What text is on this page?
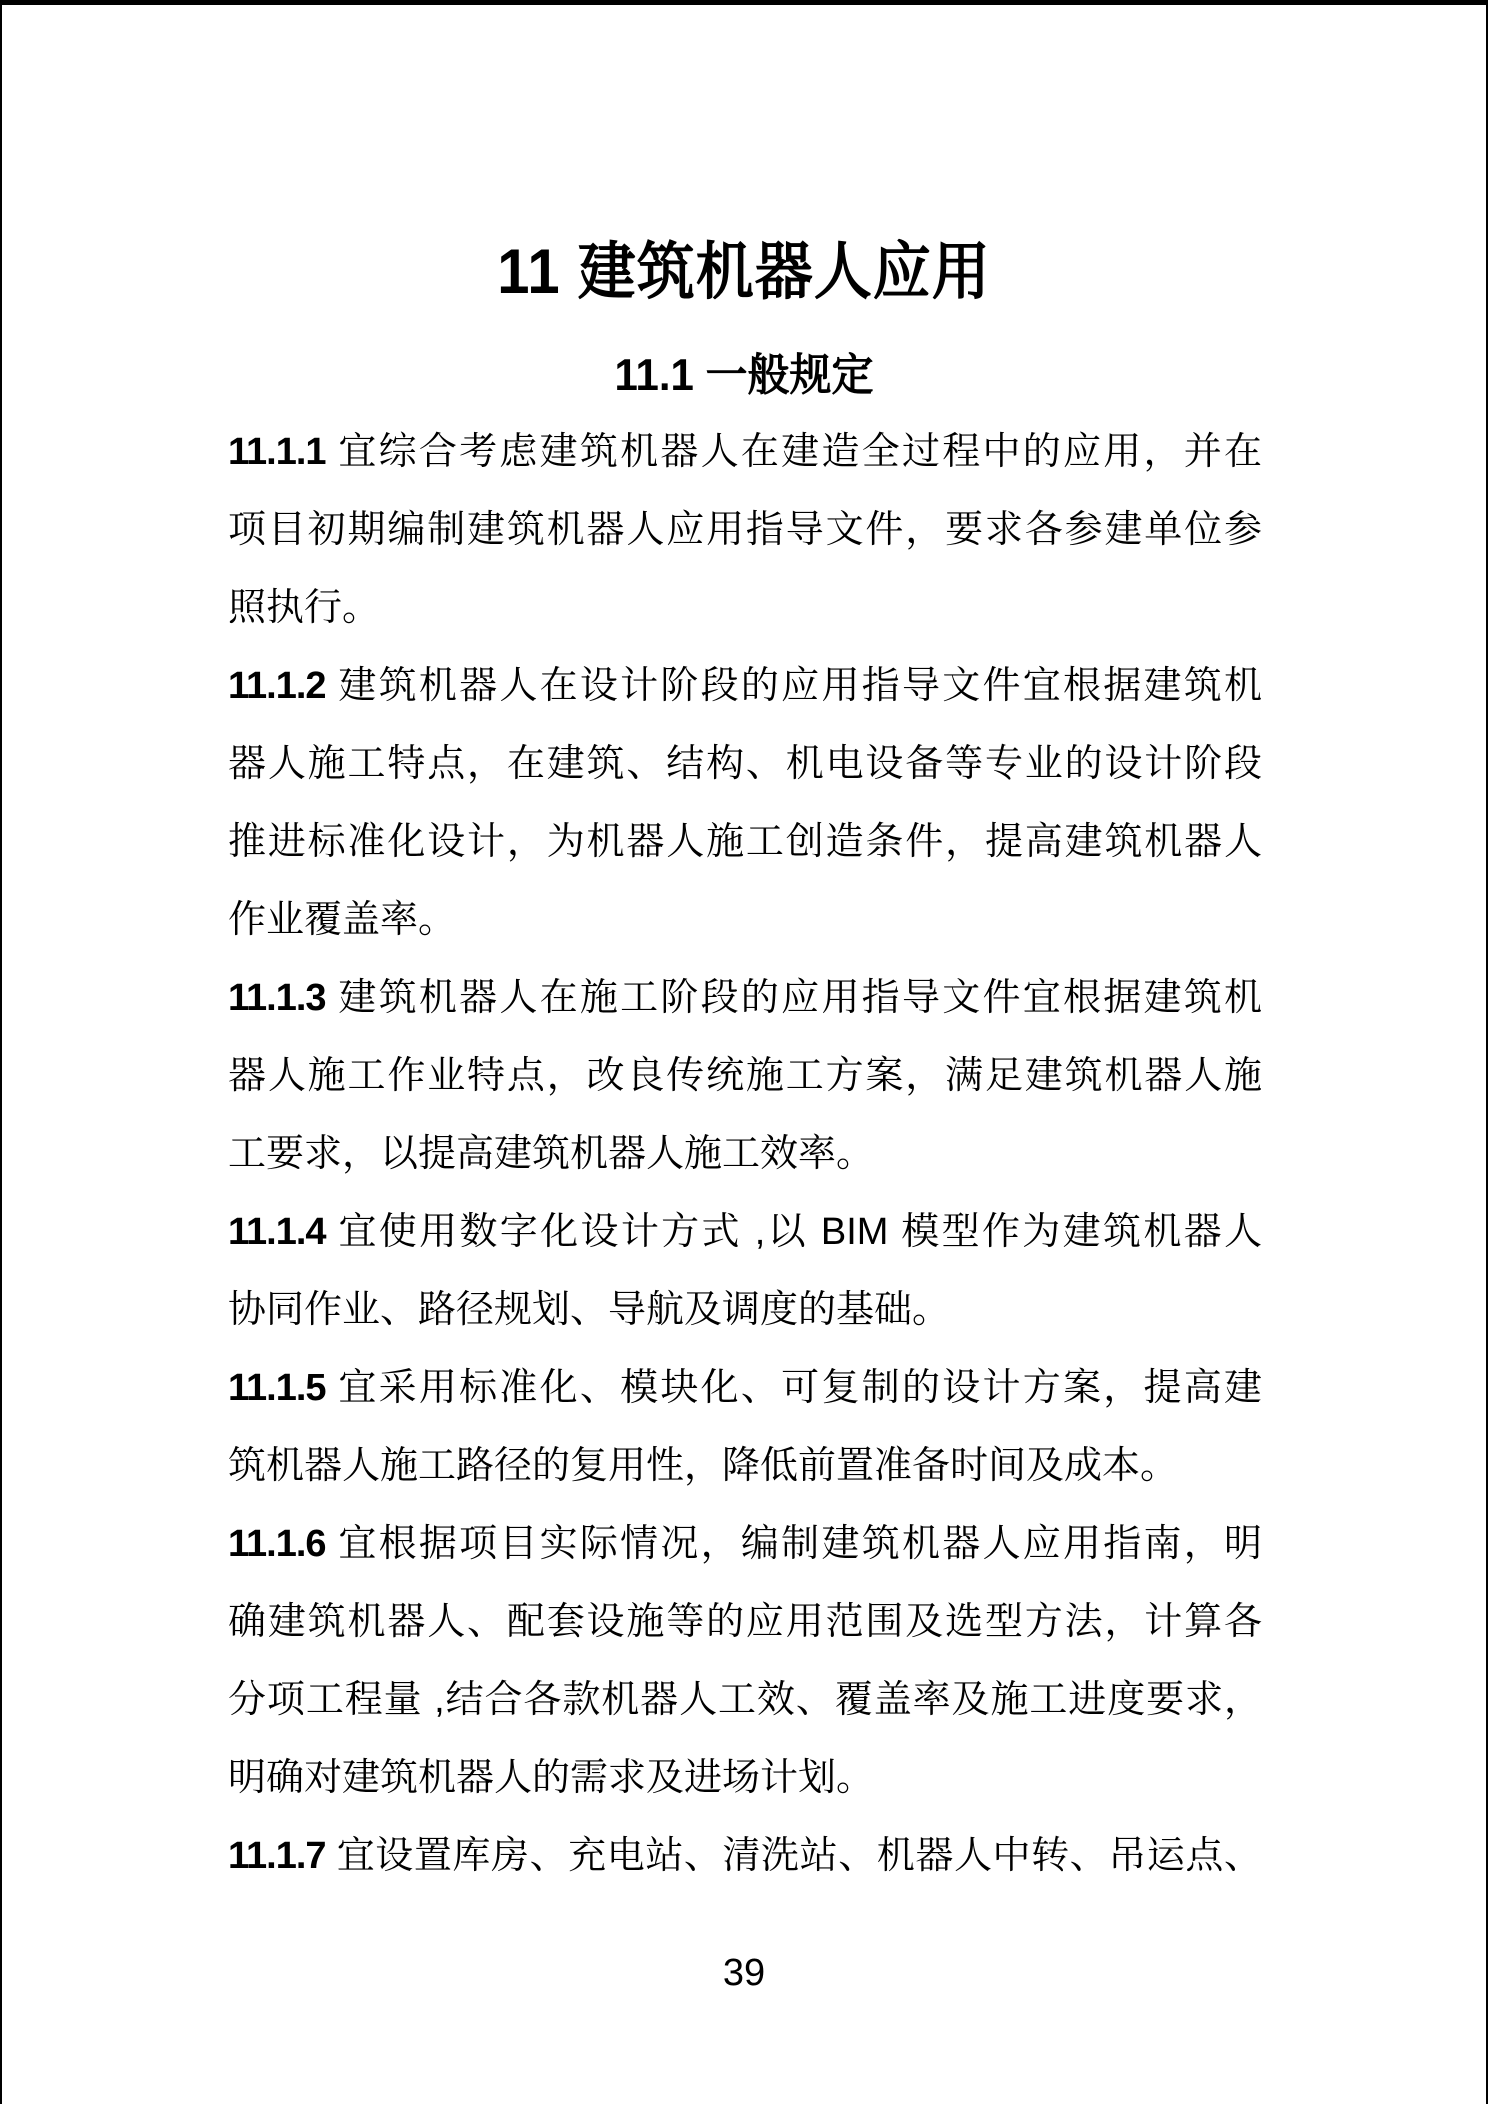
11 建筑机器人应用
11.1 一般规定
11.1.1 宜综合考虑建筑机器人在建造全过程中的应用，并在
项目初期编制建筑机器人应用指导文件，要求各参建单位参
照执行。
11.1.2 建筑机器人在设计阶段的应用指导文件宜根据建筑机
器人施工特点，在建筑、结构、机电设备等专业的设计阶段
推进标准化设计，为机器人施工创造条件，提高建筑机器人
作业覆盖率。
11.1.3 建筑机器人在施工阶段的应用指导文件宜根据建筑机
器人施工作业特点，改良传统施工方案，满足建筑机器人施
工要求，以提高建筑机器人施工效率。
11.1.4 宜使用数字化设计方式 ,以 BIM 模型作为建筑机器人
协同作业、路径规划、导航及调度的基础。
11.1.5 宜采用标准化、模块化、可复制的设计方案，提高建
筑机器人施工路径的复用性，降低前置准备时间及成本。
11.1.6 宜根据项目实际情况，编制建筑机器人应用指南，明
确建筑机器人、配套设施等的应用范围及选型方法，计算各
分项工程量 ,结合各款机器人工效、覆盖率及施工进度要求，
明确对建筑机器人的需求及进场计划。
11.1.7 宜设置库房、充电站、清洗站、机器人中转、吊运点、
39
